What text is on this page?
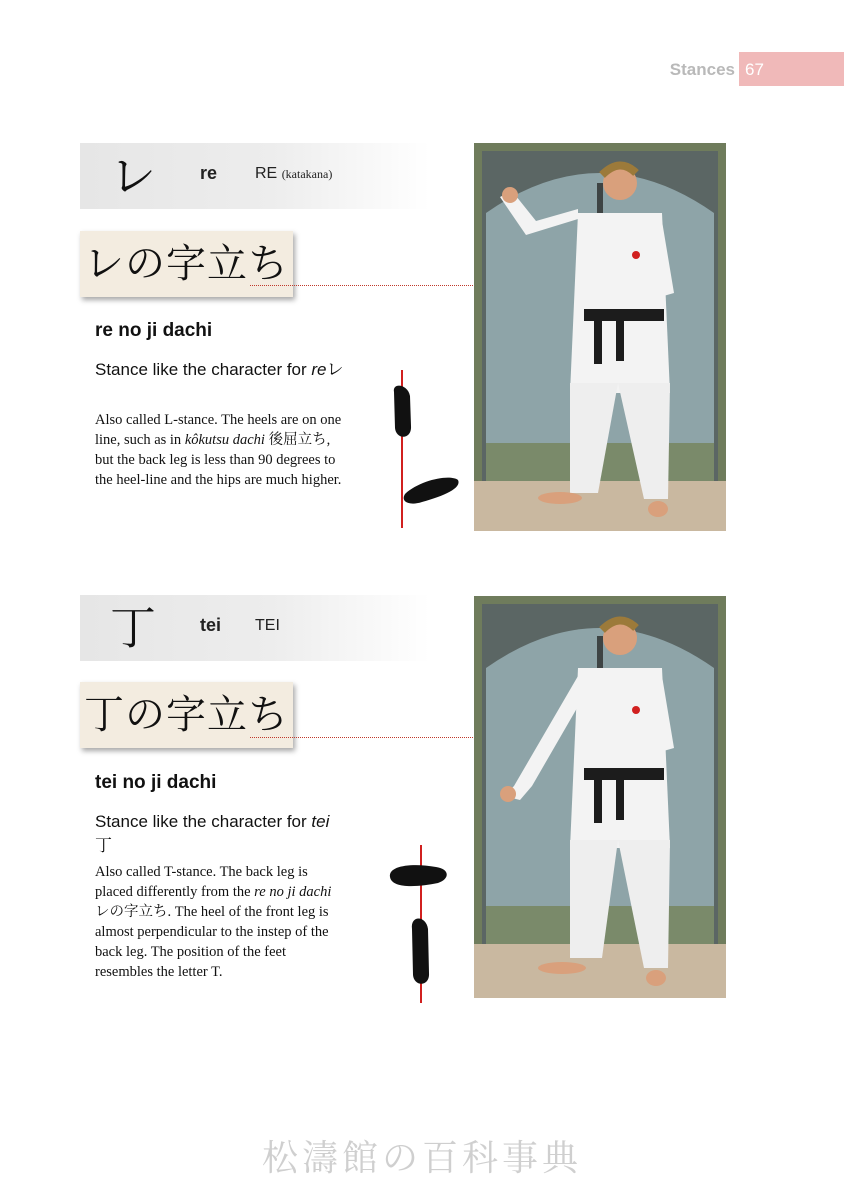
Stances 67
レ re RE (katakana)
レの字立ち
re no ji dachi
Stance like the character for reレ
Also called L-stance. The heels are on one line, such as in kôkutsu dachi 後屈立ち, but the back leg is less than 90 degrees to the heel-line and the hips are much higher.
丁 tei TEI
丁の字立ち
tei no ji dachi
Stance like the character for tei 丁
Also called T-stance. The back leg is placed differently from the re no ji dachiレの字立ち. The heel of the front leg is almost perpendicular to the instep of the back leg. The position of the feet resembles the letter T.
松濤館の百科事典
